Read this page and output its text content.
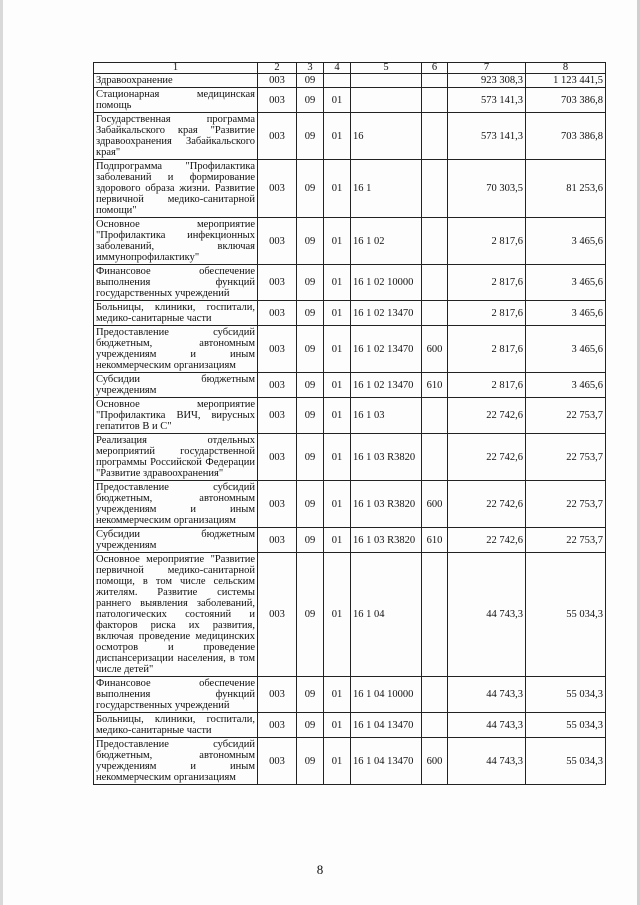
1	2	3	4	5	6	7	8
Здравоохранение	003	09				923 308,3	1 123 441,5
Стационарная медицинская помощь	003	09	01			573 141,3	703 386,8
Государственная программа Забайкальского края "Развитие здравоохранения Забайкальского края"	003	09	01	16		573 141,3	703 386,8
Подпрограмма "Профилактика заболеваний и формирование здорового образа жизни. Развитие первичной медико-санитарной помощи"	003	09	01	16 1		70 303,5	81 253,6
Основное мероприятие "Профилактика инфекционных заболеваний, включая иммунопрофилактику"	003	09	01	16 1 02		2 817,6	3 465,6
Финансовое обеспечение выполнения функций государственных учреждений	003	09	01	16 1 02 10000		2 817,6	3 465,6
Больницы, клиники, госпитали, медико-санитарные части	003	09	01	16 1 02 13470		2 817,6	3 465,6
Предоставление субсидий бюджетным, автономным учреждениям и иным некоммерческим организациям	003	09	01	16 1 02 13470	600	2 817,6	3 465,6
Субсидии бюджетным учреждениям	003	09	01	16 1 02 13470	610	2 817,6	3 465,6
Основное мероприятие "Профилактика ВИЧ, вирусных гепатитов В и С"	003	09	01	16 1 03		22 742,6	22 753,7
Реализация отдельных мероприятий государственной программы Российской Федерации "Развитие здравоохранения"	003	09	01	16 1 03 R3820		22 742,6	22 753,7
Предоставление субсидий бюджетным, автономным учреждениям и иным некоммерческим организациям	003	09	01	16 1 03 R3820	600	22 742,6	22 753,7
Субсидии бюджетным учреждениям	003	09	01	16 1 03 R3820	610	22 742,6	22 753,7
Основное мероприятие "Развитие первичной медико-санитарной помощи, в том числе сельским жителям. Развитие системы раннего выявления заболеваний, патологических состояний и факторов риска их развития, включая проведение медицинских осмотров и проведение диспансеризации населения, в том числе детей"	003	09	01	16 1 04		44 743,3	55 034,3
Финансовое обеспечение выполнения функций государственных учреждений	003	09	01	16 1 04 10000		44 743,3	55 034,3
Больницы, клиники, госпитали, медико-санитарные части	003	09	01	16 1 04 13470		44 743,3	55 034,3
Предоставление субсидий бюджетным, автономным учреждениям и иным некоммерческим организациям	003	09	01	16 1 04 13470	600	44 743,3	55 034,3
8
